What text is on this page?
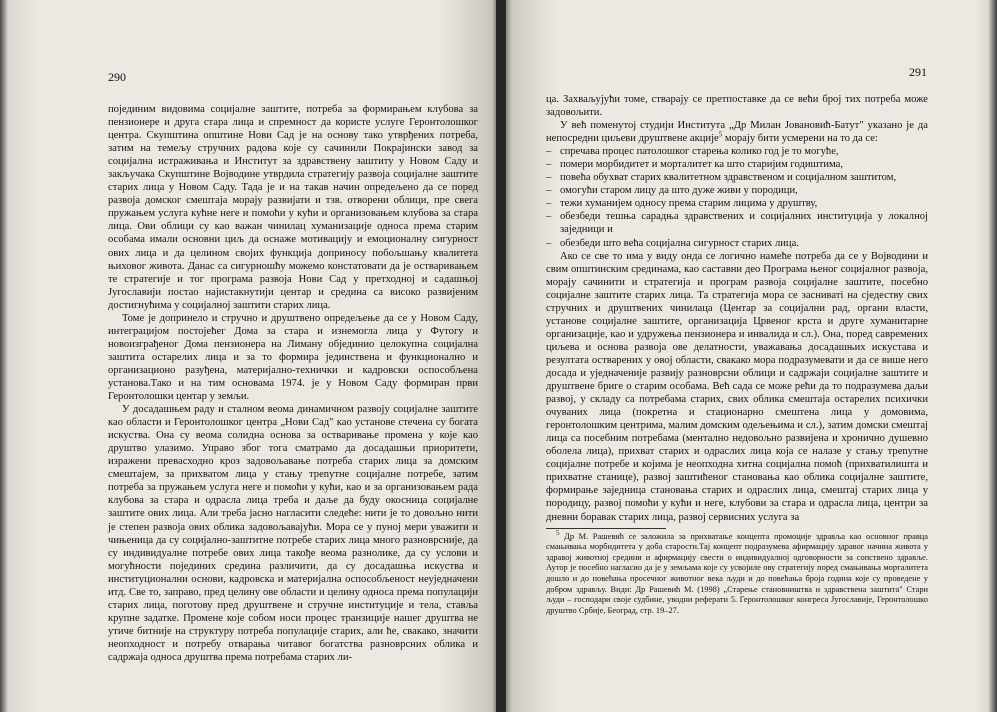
290

појединим видовима социјалне заштите, потреба за формирањем клубова за пензионере и друга стара лица и спремност да користе услуге Геронтолошког центра. Скупштина општине Нови Сад је на основу тако утврђених потреба, затим на темељу стручних радова које су сачинили Покрајински завод за социјална истраживања и Институт за здравствену заштиту у Новом Саду и закључака Скупштине Војводине утврдила стратегију развоја социјалне заштите старих лица у Новом Саду. Тада је и на такав начин опредељено да се поред развоја домског смештаја морају развијати и тзв. отворени облици, пре свега пружањем услуга кућне неге и помоћи у кући и организовањем клубова за стара лица. Ови облици су као важан чинилац хуманизације односа према старим особама имали основни циљ да оснаже мотивацију и емоционалну сигурност ових лица и да целином својих функција доприносу побољшању квалитета њиховог живота. Данас са сигурношћу можемо констатовати да је остваривањем те стратегије и тог програма развоја Нови Сад у претходној и садашњој Југославији постао најистакнутији центар и средина са високо развијеним достигнућима у социјалној заштити старих лица.

Томе је допринело и стручно и друштвено опредељење да се у Новом Саду, интеграцијом постојећег Дома за стара и изнемогла лица у Футогу и новоизграђеног Дома пензионера на Лиману објединио целокупна социјална заштита остарелих лица и за то формира јединствена и функционално и организационо разуђена, материјално-технички и кадровски оспособљена установа.Тако и на тим основама 1974. је у Новом Саду формиран први Геронтолошки центар у земљи.

У досадашњем раду и сталном веома динамичном развоју социјалне заштите као области и Геронтолошког центра „Нови Сад" као установе стечена су богата искуства. Она су веома солидна основа за остваривање промена у које као друштво улазимо. Управо због тога сматрамо да досадашњи приоритети, изражени превасходно кроз задовољавање потреба старих лица за домским смештајем, за прихватом лица у стању трenутне социјалне потребе, затим потреба за пружањем услуга неге и помоћи у кући, као и за организовањем рада клубова за стара и одрасла лица треба и даље да буду окосница социјалне заштите ових лица. Али треба јасно наглаcити следеће: нити је то довољно нити је степен развоја ових облика задовољавајући. Мора се у пуној мери уважити и чињеница да су социјално-заштитне потребе старих лица много разноврсније, да су индивидуалне потребе ових лица такође веома разнолике, да су услови и могућности појединих средина различити, да су досадашња искуства и институционални основи, кадровска и материјална оспособљеност неуједначени итд. Све то, заправо, пред целину ове области и целину односа према популацији старих лица, поготову пред друштвене и стручне институције и тела, ставља крупне задатке. Промене које собом носи процес транзиције нашег друштва не утиче битније на структуру потреба популације старих, али ће, свакако, значити неопходност и потребу отварања читавог богатства разноврсних облика и садржаја односа друштва према потребама старих ли-

291

ца. Захваљујући томе, стварају се претпоставке да се већи број тих потреба може задовољити.

У већ поменутој студији Института „Др Милан Јовановић-Батут" указано је да непосредни циљеви друштвене акције$^5$ морају бити усмерени на то да се:

– спречава процес патолошког старења колико год је то могуће,
– помери морбидитет и морталитет ка што старијим годиштима,
– повећа обухват старих квалитетном здравственом и социјалном заштитом,
– омогући старом лицу да што дуже живи у породици,
– тежи хуманијем односу према старим лицима у друштву,
– обезбеди тешња сарадња здравствених и социјалних институција у локалној заједници и
– обезбеди што већа социјална сигурност старих лица.

Ако се све то има у виду онда се логично намеће потреба да се у Војводини и свим општинским срединама, као саставни део Програма њеног социјалног развоја, морају сачинити и стратегија и програм развоја социјалне заштите, посебно социјалне заштите старих лица. Та стратегија мора се засниватi на сједеству свих стручних и друштвених чинилаца (Центар за социјални рад, органи власти, установе социјалне заштите, организација Црвеног крста и друге хуманитарне организације, као и удружења пензионера и инвалида и сл.). Она, поред савремених циљева и основа развоја ове делатности, уважавања досадашњих искустава и резултата остварених у овој области, свакако мора подразумевати и да се више него досада и уједначеније развију разноврсни облици и садржаји социјалне заштите и друштвене бриге о старим особама. Већ сада се може рећи да то подразумева даљи развој, у складу са потребама старих, свих облика смештаја остарелих психички очуваних лица (покретна и стационарно смештена лица у домовима, геронтолошким центрима, малим домским одељењима и сл.), затим домски смештај лица са посебним потребама (ментално недовољно развијена и хронично душевно оболела лица), прихват старих и одраслих лица која се налазе у стању трenутне социјалне потребе и којима је неопходна хитна социјална помоћ (прихватилишта и прихватне станице), развој заштићеног становања као облика социјалне заштите, формирање заједница становања старих и одраслих лица, смештај старих лица у породицу, развој помоћи у кући и неге, клубови за стара и одрасла лица, центри за дневни боравак старих лица, развој сервисних услуга за

$^5$ Др М. Рашевић се заложила за прихватање концепта промоције здравља као основног правца смањивања морбидитета у доба старости.Тај концепт подразумева афирмацију здравог начина живота у здравој животној средини и афирмацију свести о индивидуалној одговорности за сопствено здравље. Аутор је посебно нагласио да је у земљама које су усвојиле ову стратегију поред смањивања морталитета дошло и до повећања просечног животног века људи и до повећања броја година које су проведене у добром здрављу. Види: Др Рашевић М. (1998) „Старење становништва и здравствена заштита" Стари људи – господари своје судбине, уводни реферати 5. Геронтолошког конгреса Југославије, Геронтолошко друштво Србије, Београд, стр. 19–27.
